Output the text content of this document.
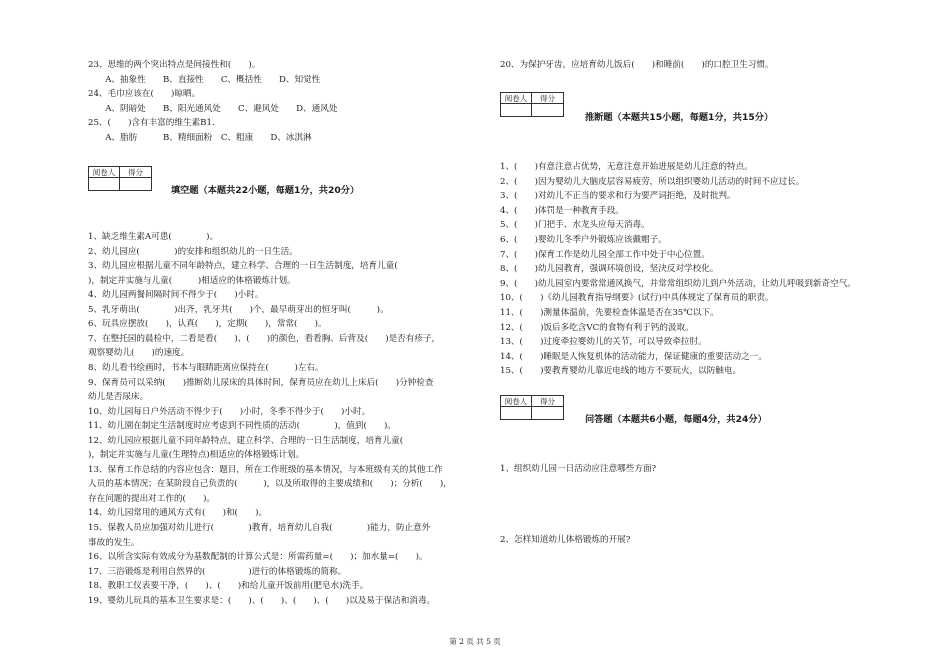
23、思维的两个突出特点是间接性和(　　)。
　　A、抽象性　　B、直接性　　C、概括性　　D、知觉性
24、毛巾应该在(　　)晾晒。
　　A、阴暗处　　B、阳光通风处　　C、避风处　　D、通风处
25、(　　)含有丰富的维生素B1.
　　A、脂肪　　　B、精细面粉　C、粗康　　D、冰淇淋
阅卷人	得分
填空题（本题共22小题，每题1分，共20分）
1、缺乏维生素A可患(　　　　)。
2、幼儿园应(　　　　)的安排和组织幼儿的一日生活。
3、幼儿园应根据儿童不同年龄特点，建立科学、合理的一日生活制度，培育儿童(　　
)，制定并实施与儿童(　　　)相适应的体格锻炼计划。
4、幼儿园两餐间隔时间不得少于(　　)小时。
5、乳牙萌出(　　　　)出齐，乳牙共(　　)个，最早萌芽出的恒牙叫(　　　)。
6、玩具应摆放(　　)，认真(　　)，定期(　　)，常常(　　)。
7、在整托园的晨检中，二看是看(　　)、(　　)的颜色，看看胸、后背及(　　)是否有疹子，
观察婴幼儿(　　)的速度。
8、幼儿看书绘画时，书本与眼睛距离应保持在(　　　)左右。
9、保育员可以采纳(　　)推断幼儿尿床的具体时间，保育员应在幼儿上床后(　　)分钟检查
幼儿是否尿床。
10、幼儿园每日户外活动不得少于(　　)小时，冬季不得少于(　　)小时。
11、幼儿園在制定生活制度时应考虑到不同性质的活动(　　　　)，值到(　　)。
12、幼儿园应根据儿童不同年龄特点，建立科学、合理的一日生活制度，培育儿童(　　
)，制定并实施与儿童(生理特点)相适应的体格锻炼计划。
13、保育工作总结的内容应包含：题目，所在工作班级的基本情况，与本班级有关的其他工作
人员的基本情况；在某阶段自己负责的(　　　)，以及所取得的主要成绩和(　　)；分析(　　)，
存在问题的提出对工作的(　　)。
14、幼儿园常用的通风方式有(　　)和(　　)。
15、保教人员应加强对幼儿进行(　　　　)教育，培育幼儿自我(　　　　)能力，防止意外
事故的发生。
16、以所含实际有效成分为基数配制的计算公式是：所需药量=(　　)；加水量=(　　)。
17、三浴锻炼是利用自然界的(　　　　　)进行的体格锻炼的简称。
18、教职工仪表要干净，(　　)、(　　)和给儿童开饭前用(肥皂水)洗手。
19、婴幼儿玩具的基本卫生要求是：(　　)、(　　)、(　　)、(　　)以及易于保洁和消毒。
20、为保护牙齿，应培育幼儿饭后(　　)和睡前(　　)的口腔卫生习惯。
阅卷人	得分
推断题（本题共15小题，每题1分，共15分）
1、(　　)有意注意占优势，无意注意开始进展是幼儿注意的特点。
2、(　　)因为婴幼儿大脑皮层容易疲劳，所以组织婴幼儿活动的时间不应过长。
3、(　　)对幼儿不正当的要求和行为要严词拒绝，及时批判。
4、(　　)体罚是一种教育手段。
5、(　　)门把手、水龙头应每天消毒。
6、(　　)婴幼儿冬季户外锻炼应该戴帽子。
7、(　　)保育工作是幼儿园全部工作中处于中心位置。
8、(　　)幼儿园教育，强调环境创设，坚決反对学校化。
9、(　　)幼儿园室内要常常通风换气，并常常组织幼儿到户外活动，让幼儿呼吸到新奇空气。
10、(　　)《幼儿园教育指导纲要》(试行)中具体规定了保育员的职责。
11、(　　)测量体温前，先要检查体温是否在35℃以下。
12、(　　)饭后多吃含VC的食物有利于钙的汲取。
13、(　　)过度牵拉婴幼儿的关节，可以导致牵拉肘。
14、(　　)睡眠是人恢复机体的活动能力，保证健康的重要活动之一。
15、(　　)要教育婴幼儿靠近电线的地方不要玩火，以防触电。
阅卷人	得分
问答题（本题共6小题，每题4分，共24分）
1、组织幼儿园一日活动应注意哪些方面?
2、怎样知道幼儿体格锻炼的开展?
第 2 页 共 5 页
